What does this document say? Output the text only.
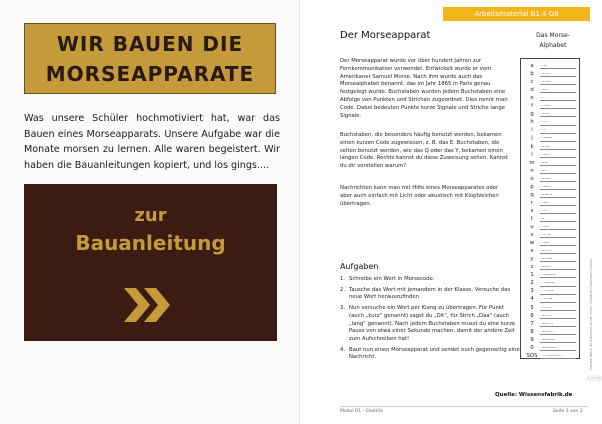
WIR BAUEN DIE
MORSEAPPARATE

Was unsere Schüler hochmotiviert hat, war das Bauen eines Morseapparats. Unsere Aufgabe war die Monate morsen zu lernen. Alle waren begeistert. Wir haben die Bauanleitungen kopiert, und los gings....

zur
Bauanleitung
Arbeitsmaterial B1.4 G8
Der Morseapparat	Das Morse-
Alphabet

Der Morseapparat wurde vor über hundert Jahren zur Fernkommunikation verwendet. Entwickelt wurde er vom Amerikaner Samuel Morse. Nach ihm wurde auch das Morsealphabet benannt, das im Jahr 1865 in Paris genau festgelegt wurde. Buchstaben wurden jedem Buchstaben eine Abfolge von Punkten und Strichen zugeordnet. Dies nennt man Code. Dabei bedeuten Punkte kurze Signale und Striche lange Signale.

Buchstaben, die besonders häufig benutzt werden, bekamen einen kurzen Code zugewiesen, z. B. das E. Buchstaben, die selten benutzt werden, wie das Q oder das Y, bekamen einen langen Code. Rechts kannst du diese Zuweisung sehen. Kannst du dir vorstellen warum?

Nachrichten kann man mit Hilfe eines Morseapparates oder aber auch einfach mit Licht oder akustisch mit Klopfzeichen übertragen.

Aufgaben
1. Schreibe ein Wort in Morsecode.
2. Tausche das Wort mit jemandem in der Klasse. Versuche das neue Wort herauszufinden.
3. Nun versuche ein Wort per Klang zu übertragen. Für Punkt (auch „kurz“ genannt) sagst du „Dit“, für Strich „Daa“ (auch „lang“ genannt). Nach jedem Buchstaben musst du eine kurze Pause von etwa einer Sekunde machen, damit der andere Zeit zum Aufschreiben hat!
4. Baut nun einen Morseapparat und sendet euch gegenseitig eine Nachricht.
Quelle: Wissensfabrik.de
a	·–
b	–···
c	–·–·
d	–··
e	·
f	··–·
g	––·
h	····
i	··
j	·–––
k	–·–
l	·–··
m	––
n	–·
o	–––
p	·––·
q	––·–
r	·–·
s	···
t	–
u	··–
v	···–
w	·––
x	–··–
y	–·––
z	––··
1	·––––
2	··–––
3	···––
4	····–
5	·····
6	–····
7	––···
8	–––··
9	––––·
0	–––––
SOS ···–––···	Dieses Werk ist lizenziert unter einer Creative Commons Lizenz
ⓒⓘⓢ
Modul B1 – Elektrik	Seite 1 von 2
